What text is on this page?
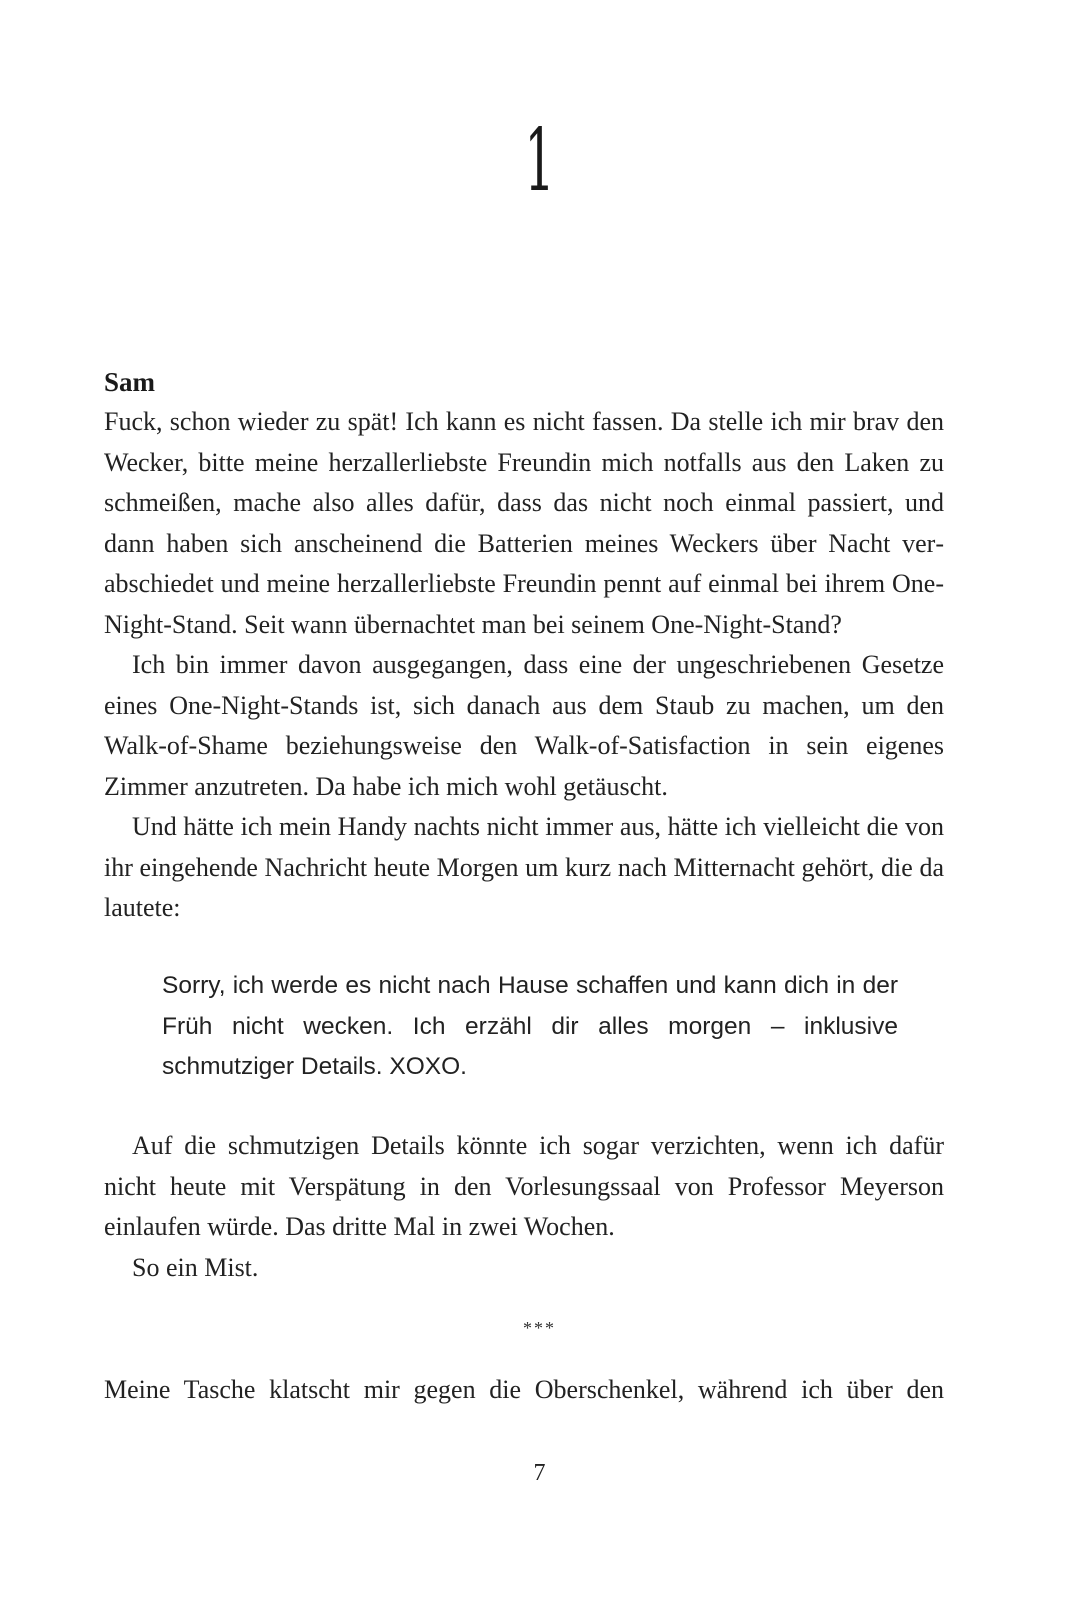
1
Sam

Fuck, schon wieder zu spät! Ich kann es nicht fassen. Da stelle ich mir brav den Wecker, bitte meine herzallerliebste Freundin mich notfalls aus den Laken zu schmeißen, mache also alles dafür, dass das nicht noch einmal passiert, und dann haben sich anscheinend die Batterien meines Weckers über Nacht verabschiedet und meine herzallerliebste Freundin pennt auf einmal bei ihrem One-Night-Stand. Seit wann übernachtet man bei seinem One-Night-Stand?

Ich bin immer davon ausgegangen, dass eine der ungeschriebenen Gesetze eines One-Night-Stands ist, sich danach aus dem Staub zu machen, um den Walk-of-Shame beziehungsweise den Walk-of-Satisfaction in sein eigenes Zimmer anzutreten. Da habe ich mich wohl getäuscht.

Und hätte ich mein Handy nachts nicht immer aus, hätte ich vielleicht die von ihr eingehende Nachricht heute Morgen um kurz nach Mitternacht gehört, die da lautete:

Sorry, ich werde es nicht nach Hause schaffen und kann dich in der Früh nicht wecken. Ich erzähl dir alles morgen – inklusive schmutziger Details. XOXO.

Auf die schmutzigen Details könnte ich sogar verzichten, wenn ich dafür nicht heute mit Verspätung in den Vorlesungssaal von Professor Meyerson einlaufen würde. Das dritte Mal in zwei Wochen.

So ein Mist.

***

Meine Tasche klatscht mir gegen die Oberschenkel, während ich über den

7
